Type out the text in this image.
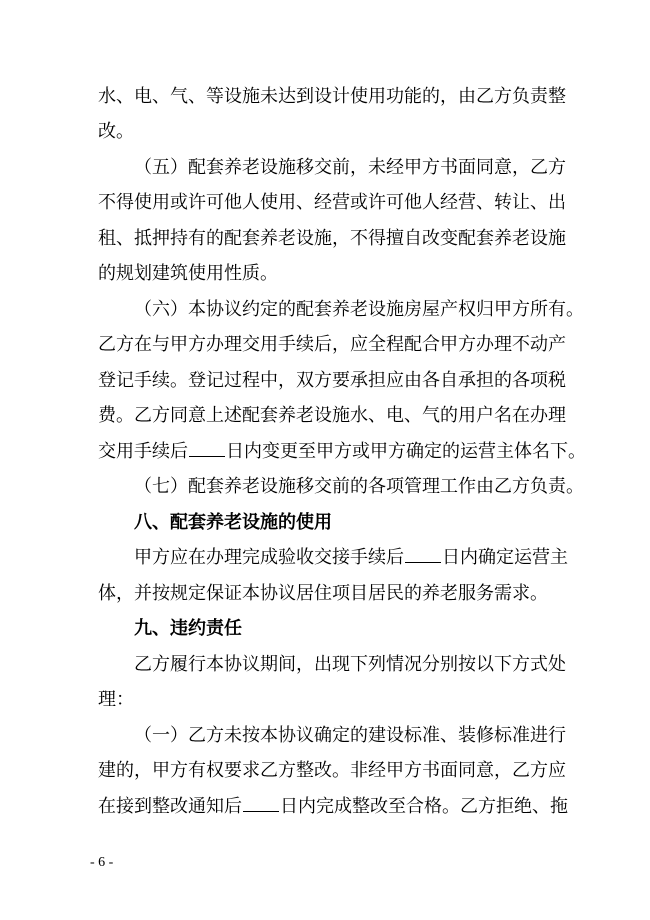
水、电、气、等设施未达到设计使用功能的，由乙方负责整
改。
（五）配套养老设施移交前，未经甲方书面同意，乙方
不得使用或许可他人使用、经营或许可他人经营、转让、出
租、抵押持有的配套养老设施，不得擅自改变配套养老设施
的规划建筑使用性质。
（六）本协议约定的配套养老设施房屋产权归甲方所有。
乙方在与甲方办理交用手续后，应全程配合甲方办理不动产
登记手续。登记过程中，双方要承担应由各自承担的各项税
费。乙方同意上述配套养老设施水、电、气的用户名在办理
交用手续后 日内变更至甲方或甲方确定的运营主体名下。
（七）配套养老设施移交前的各项管理工作由乙方负责。
八、配套养老设施的使用
甲方应在办理完成验收交接手续后 日内确定运营主
体，并按规定保证本协议居住项目居民的养老服务需求。
九、违约责任
乙方履行本协议期间，出现下列情况分别按以下方式处
理：
（一）乙方未按本协议确定的建设标准、装修标准进行
建的，甲方有权要求乙方整改。非经甲方书面同意，乙方应
在接到整改通知后 日内完成整改至合格。乙方拒绝、拖
- 6 -
